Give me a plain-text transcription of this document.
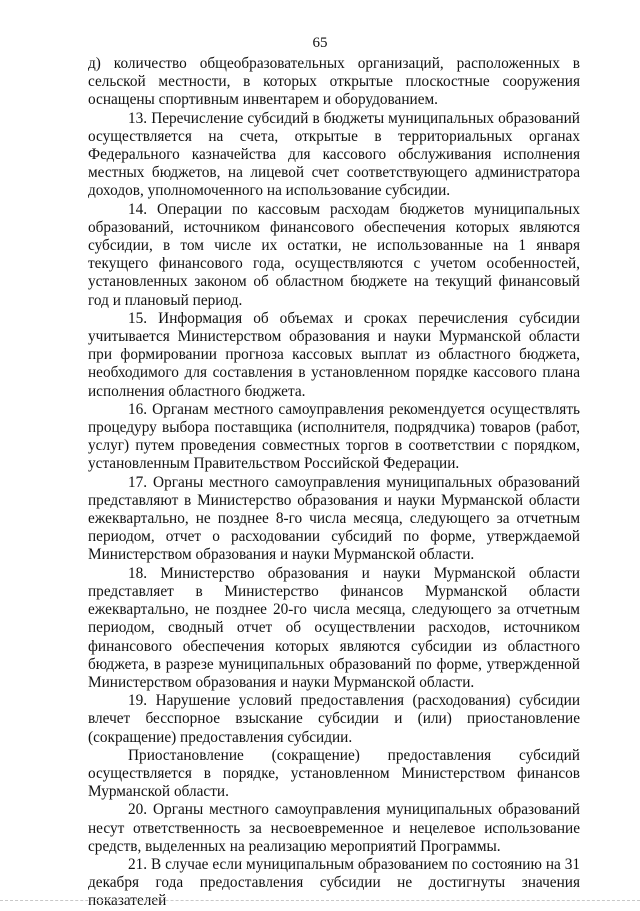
65

д) количество общеобразовательных организаций, расположенных в сельской местности, в которых открытые плоскостные сооружения оснащены спортивным инвентарем и оборудованием.

13. Перечисление субсидий в бюджеты муниципальных образований осуществляется на счета, открытые в территориальных органах Федерального казначейства для кассового обслуживания исполнения местных бюджетов, на лицевой счет соответствующего администратора доходов, уполномоченного на использование субсидии.

14. Операции по кассовым расходам бюджетов муниципальных образований, источником финансового обеспечения которых являются субсидии, в том числе их остатки, не использованные на 1 января текущего финансового года, осуществляются с учетом особенностей, установленных законом об областном бюджете на текущий финансовый год и плановый период.

15. Информация об объемах и сроках перечисления субсидии учитывается Министерством образования и науки Мурманской области при формировании прогноза кассовых выплат из областного бюджета, необходимого для составления в установленном порядке кассового плана исполнения областного бюджета.

16. Органам местного самоуправления рекомендуется осуществлять процедуру выбора поставщика (исполнителя, подрядчика) товаров (работ, услуг) путем проведения совместных торгов в соответствии с порядком, установленным Правительством Российской Федерации.

17. Органы местного самоуправления муниципальных образований представляют в Министерство образования и науки Мурманской области ежеквартально, не позднее 8-го числа месяца, следующего за отчетным периодом, отчет о расходовании субсидий по форме, утверждаемой Министерством образования и науки Мурманской области.

18. Министерство образования и науки Мурманской области представляет в Министерство финансов Мурманской области ежеквартально, не позднее 20-го числа месяца, следующего за отчетным периодом, сводный отчет об осуществлении расходов, источником финансового обеспечения которых являются субсидии из областного бюджета, в разрезе муниципальных образований по форме, утвержденной Министерством образования и науки Мурманской области.

19. Нарушение условий предоставления (расходования) субсидии влечет бесспорное взыскание субсидии и (или) приостановление (сокращение) предоставления субсидии.

Приостановление (сокращение) предоставления субсидий осуществляется в порядке, установленном Министерством финансов Мурманской области.

20. Органы местного самоуправления муниципальных образований несут ответственность за несвоевременное и нецелевое использование средств, выделенных на реализацию мероприятий Программы.

21. В случае если муниципальным образованием по состоянию на 31 декабря года предоставления субсидии не достигнуты значения показателей
